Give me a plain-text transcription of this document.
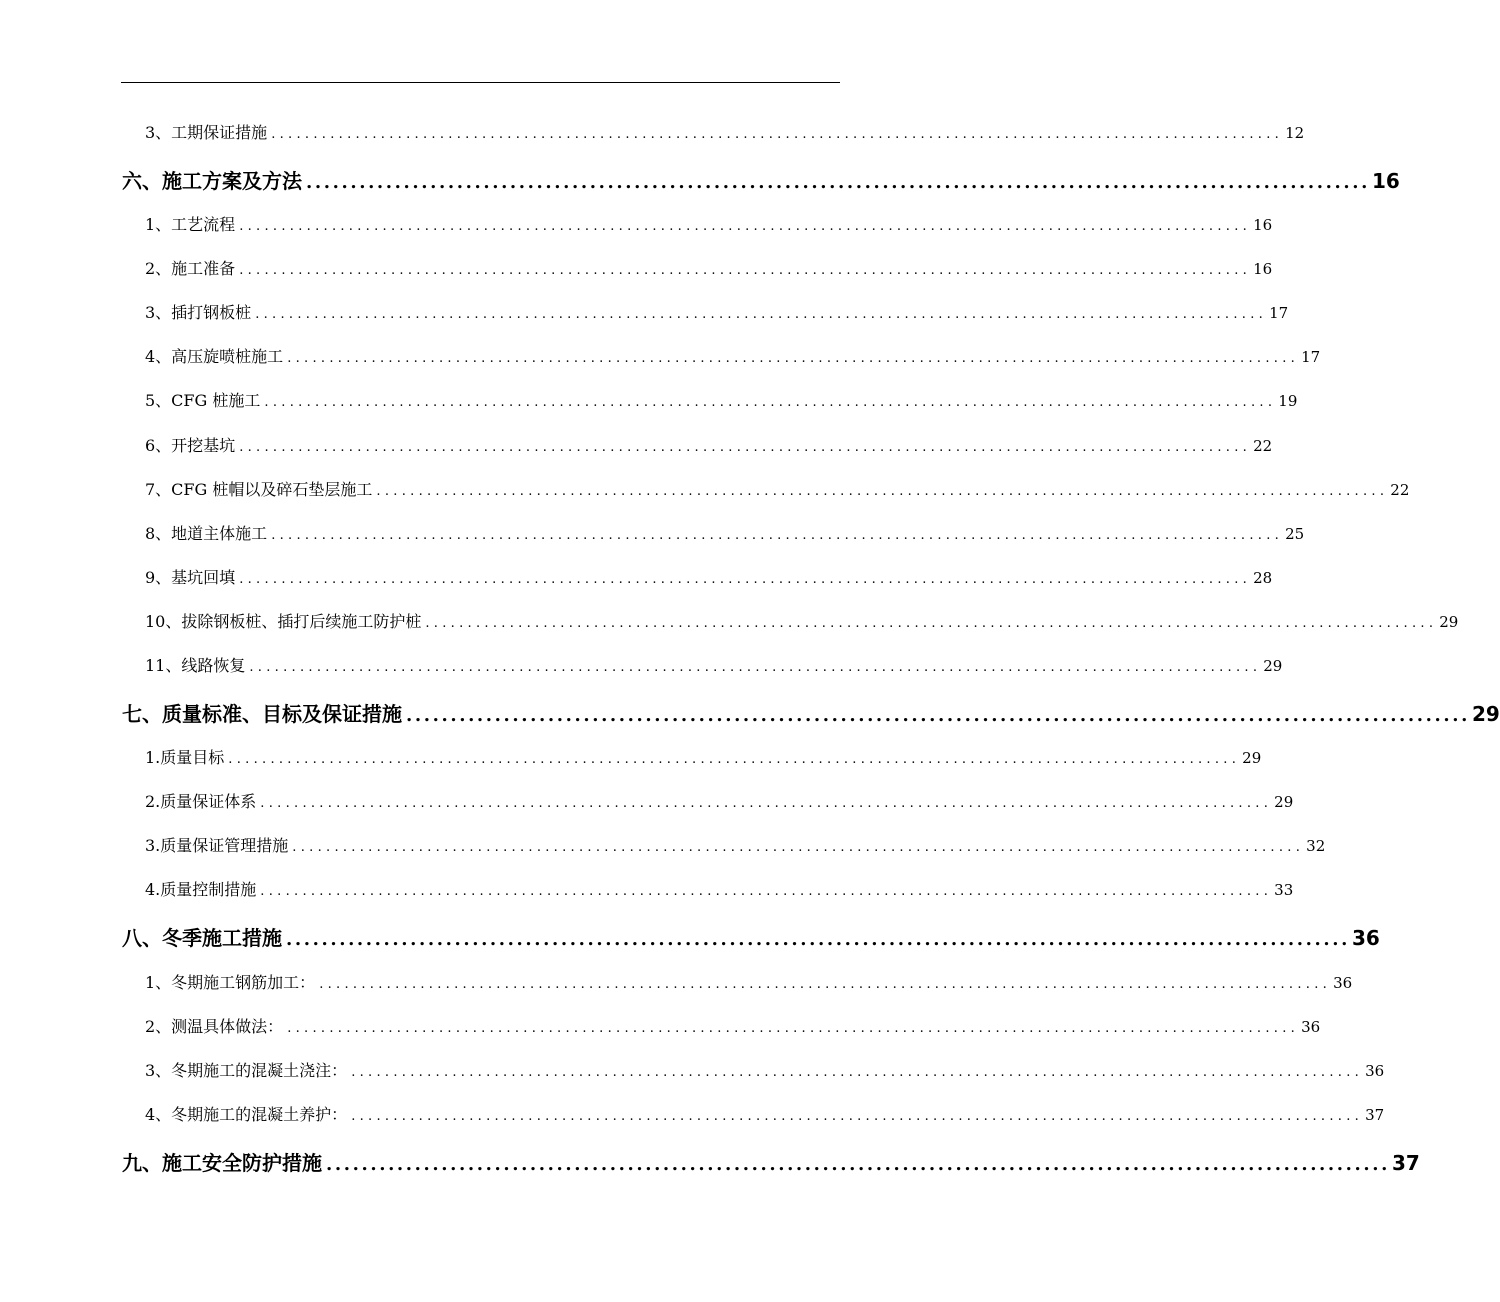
3、工期保证措施 ........................................................................................................................ 12
六、施工方案及方法 ........................................................................................................................ 16
1、工艺流程 ........................................................................................................................ 16
2、施工准备 ........................................................................................................................ 16
3、插打钢板桩 ........................................................................................................................ 17
4、高压旋喷桩施工 ........................................................................................................................ 17
5、CFG 桩施工 ........................................................................................................................ 19
6、开挖基坑 ........................................................................................................................ 22
7、CFG 桩帽以及碎石垫层施工 ........................................................................................................................ 22
8、地道主体施工 ........................................................................................................................ 25
9、基坑回填 ........................................................................................................................ 28
10、拔除钢板桩、插打后续施工防护桩 ........................................................................................................................ 29
11、线路恢复 ........................................................................................................................ 29
七、质量标准、目标及保证措施 ........................................................................................................................ 29
1.质量目标 ........................................................................................................................ 29
2.质量保证体系 ........................................................................................................................ 29
3.质量保证管理措施 ........................................................................................................................ 32
4.质量控制措施 ........................................................................................................................ 33
八、冬季施工措施 ........................................................................................................................ 36
1、冬期施工钢筋加工： ........................................................................................................................ 36
2、测温具体做法： ........................................................................................................................ 36
3、冬期施工的混凝土浇注： ........................................................................................................................ 36
4、冬期施工的混凝土养护： ........................................................................................................................ 37
九、施工安全防护措施 ........................................................................................................................ 37
